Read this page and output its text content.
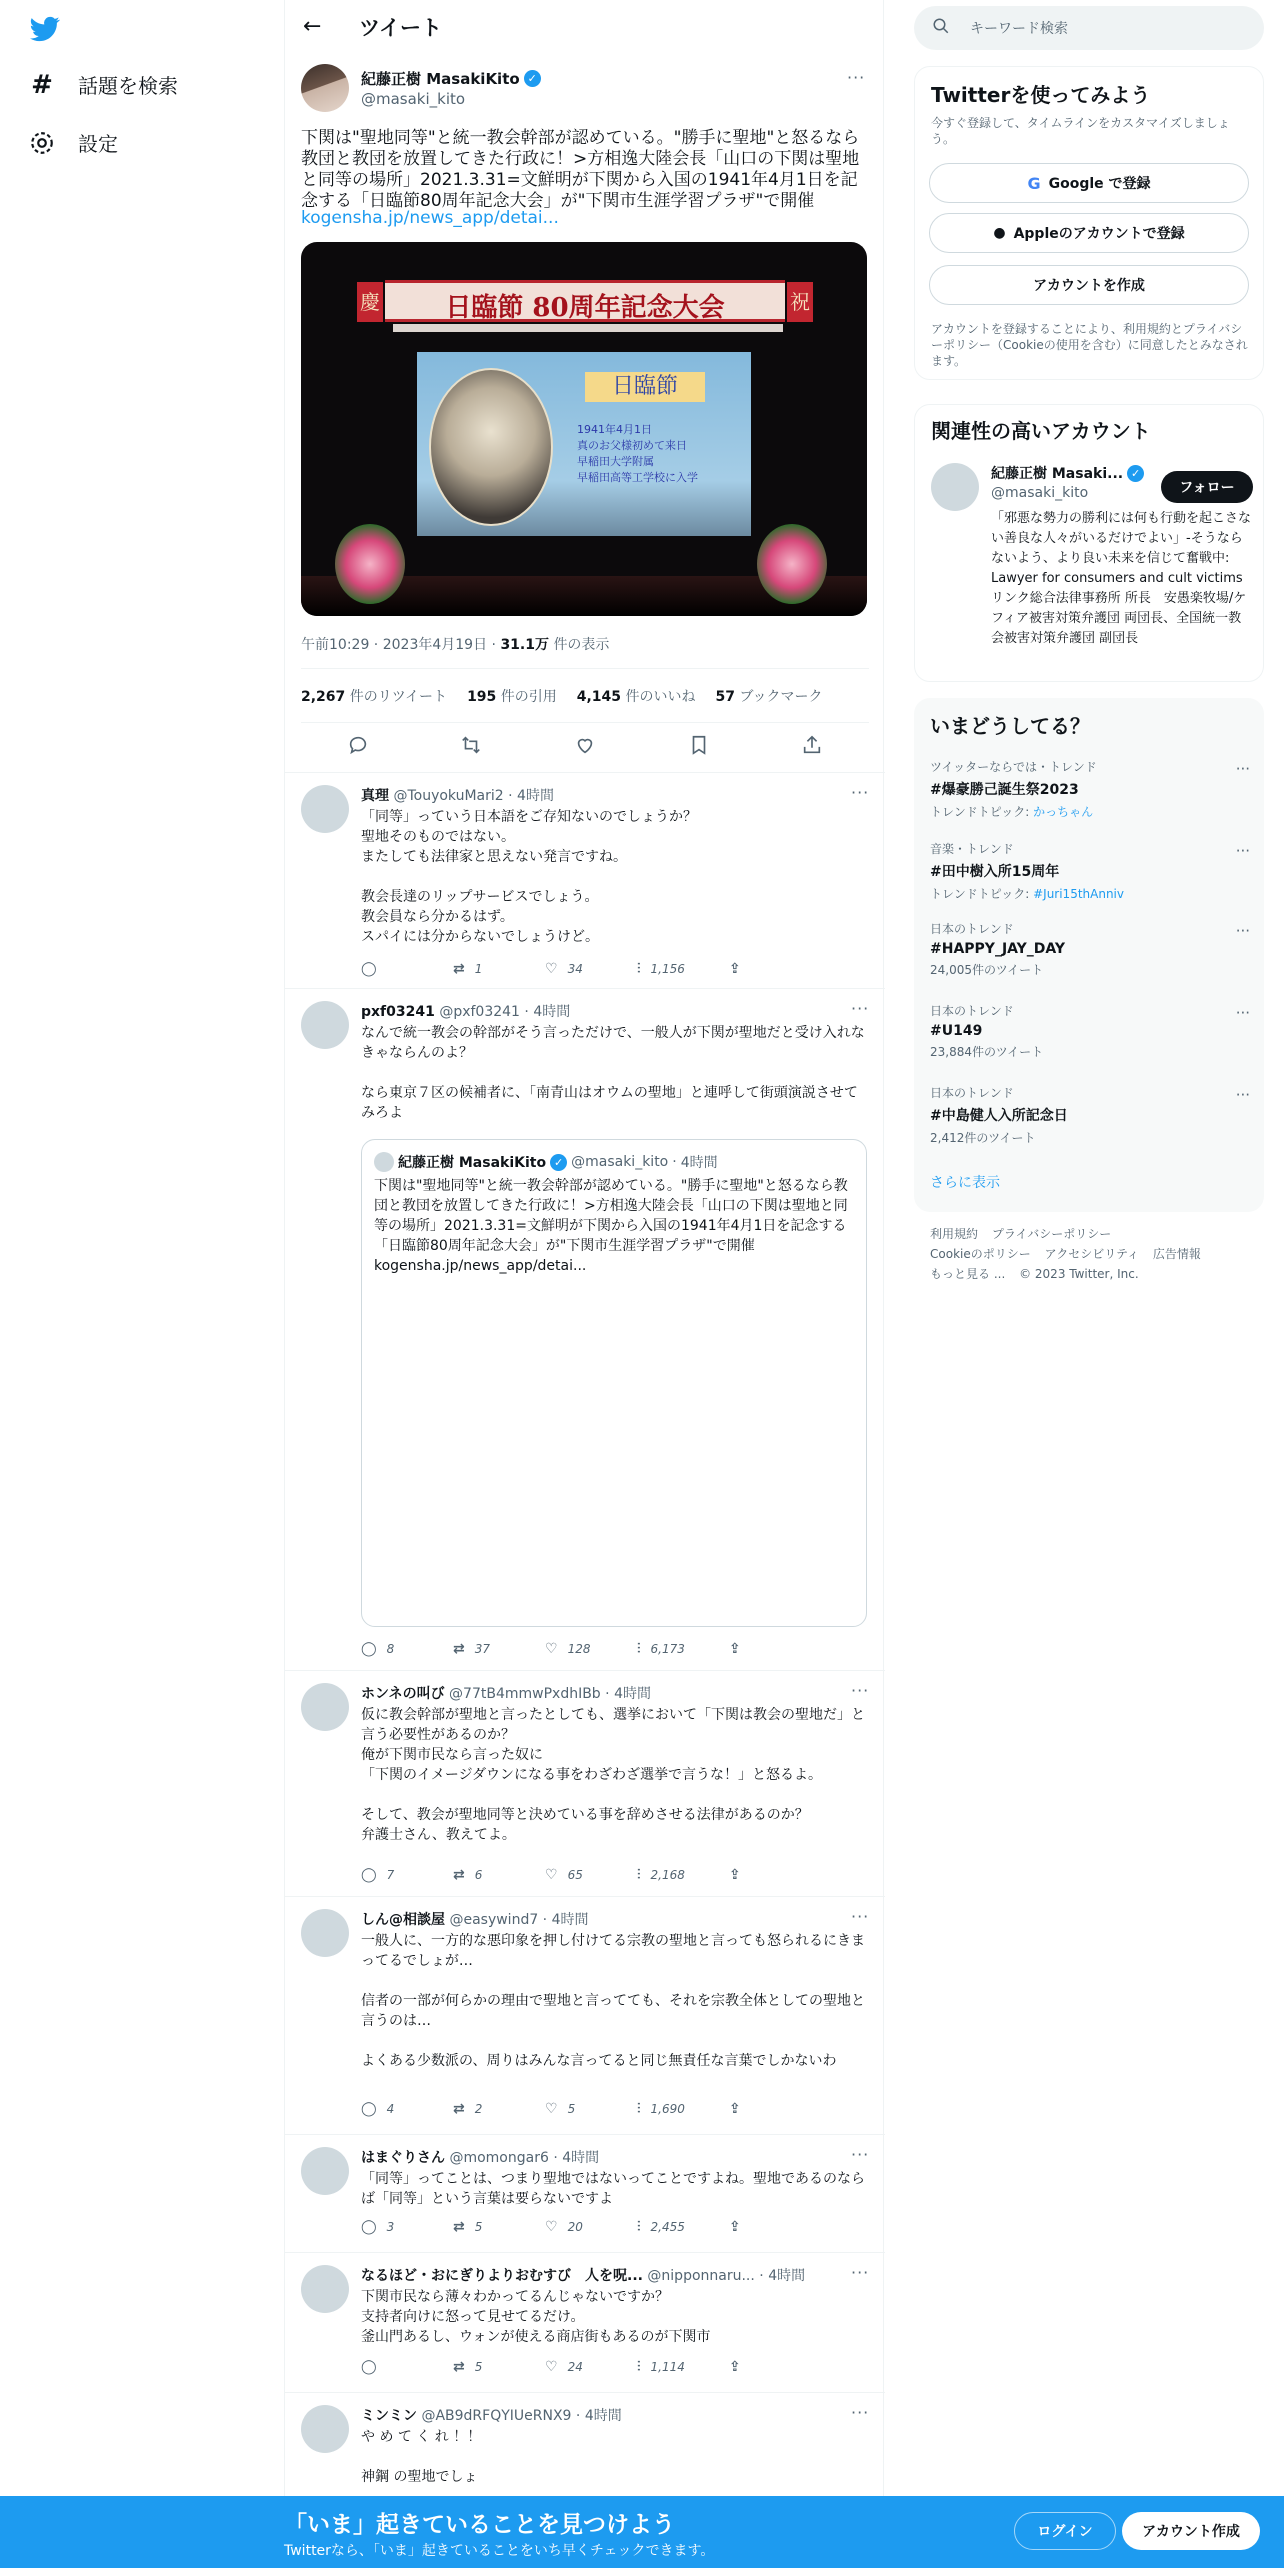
# 話題を検索
設定
← ツイート
紀藤正樹 MasakiKito ✓
@masaki_kito
···
下関は"聖地同等"と統一教会幹部が認めている。"勝手に聖地"と怒るなら教団と教団を放置してきた行政に！>方相逸大陸会長「山口の下関は聖地と同等の場所」2021.3.31=文鮮明が下関から入国の1941年4月1日を記念する「日臨節80周年記念大会」が"下関市生涯学習プラザ"で開催
kogensha.jp/news_app/detai...
慶	日臨節 80周年記念大会	祝
日臨節
1941年4月1日
真のお父様初めて来日
早稲田大学附属
早稲田高等工学校に入学
午前10:29 · 2023年4月19日 · 31.1万 件の表示
2,267 件のリツイート 195 件の引用 4,145 件のいいね 57 ブックマーク
真理 @TouyokuMari2 · 4時間	···
「同等」っていう日本語をご存知ないのでしょうか？
聖地そのものではない。
またしても法律家と思えない発言ですね。

教会長達のリップサービスでしょう。
教会員なら分かるはず。
スパイには分からないでしょうけど。
◯	⇄ 1	♡ 34	⫶ 1,156	⇪
pxf03241 @pxf03241 · 4時間	···
なんで統一教会の幹部がそう言っただけで、一般人が下関が聖地だと受け入れなきゃならんのよ？

なら東京７区の候補者に、「南青山はオウムの聖地」と連呼して街頭演説させてみろよ
紀藤正樹 MasakiKito ✓ @masaki_kito · 4時間
下関は"聖地同等"と統一教会幹部が認めている。"勝手に聖地"と怒るなら教団と教団を放置してきた行政に！>方相逸大陸会長「山口の下関は聖地と同等の場所」2021.3.31=文鮮明が下関から入国の1941年4月1日を記念する「日臨節80周年記念大会」が"下関市生涯学習プラザ"で開催 kogensha.jp/news_app/detai...
◯ 8	⇄ 37	♡ 128	⫶ 6,173	⇪
ホンネの叫び @77tB4mmwPxdhIBb · 4時間	···
仮に教会幹部が聖地と言ったとしても、選挙において「下関は教会の聖地だ」と言う必要性があるのか？
俺が下関市民なら言った奴に
「下関のイメージダウンになる事をわざわざ選挙で言うな！」と怒るよ。

そして、教会が聖地同等と決めている事を辞めさせる法律があるのか？
弁護士さん、教えてよ。
◯ 7	⇄ 6	♡ 65	⫶ 2,168	⇪
しん@相談屋 @easywind7 · 4時間	···
一般人に、一方的な悪印象を押し付けてる宗教の聖地と言っても怒られるにきまってるでしょが…

信者の一部が何らかの理由で聖地と言ってても、それを宗教全体としての聖地と言うのは…

よくある少数派の、周りはみんな言ってると同じ無責任な言葉でしかないわ
◯ 4	⇄ 2	♡ 5	⫶ 1,690	⇪
はまぐりさん @momongar6 · 4時間	···
「同等」ってことは、つまり聖地ではないってことですよね。聖地であるのならば「同等」という言葉は要らないですよ
◯ 3	⇄ 5	♡ 20	⫶ 2,455	⇪
なるほど・おにぎりよりおむすび　人を呪... @nipponnaru... · 4時間	···
下関市民なら薄々わかってるんじゃないですか？
支持者向けに怒って見せてるだけ。
釜山門あるし、ウォンが使える商店街もあるのが下関市
◯	⇄ 5	♡ 24	⫶ 1,114	⇪
ミンミン @AB9dRFQYIUeRNX9 · 4時間	···
や め て く れ ！！

神鋼 の聖地でしょ
キーワード検索
Twitterを使ってみよう
今すぐ登録して、タイムラインをカスタマイズしましょう。
G Google で登録
● Appleのアカウントで登録
アカウントを作成
アカウントを登録することにより、利用規約とプライバシーポリシー（Cookieの使用を含む）に同意したとみなされます。
関連性の高いアカウント
紀藤正樹 Masaki... ✓
@masaki_kito	フォロー
「邪悪な勢力の勝利には何も行動を起こさない善良な人々がいるだけでよい」-そうならないよう、より良い未来を信じて奮戦中: Lawyer for consumers and cult victims リンク総合法律事務所 所長　安愚楽牧場/ケフィア被害対策弁護団 両団長、全国統一教会被害対策弁護団 副団長
いまどうしてる？
ツイッターならでは・トレンド
#爆豪勝己誕生祭2023
トレンドトピック: かっちゃん
···
音楽・トレンド
#田中樹入所15周年
トレンドトピック: #Juri15thAnniv
···
日本のトレンド
#HAPPY_JAY_DAY
24,005件のツイート
···
日本のトレンド
#U149
23,884件のツイート
···
日本のトレンド
#中島健人入所記念日
2,412件のツイート
···
さらに表示
利用規約 プライバシーポリシー
Cookieのポリシー アクセシビリティ 広告情報
もっと見る ... © 2023 Twitter, Inc.
「いま」起きていることを見つけよう
Twitterなら、「いま」起きていることをいち早くチェックできます。
ログイン	アカウント作成
